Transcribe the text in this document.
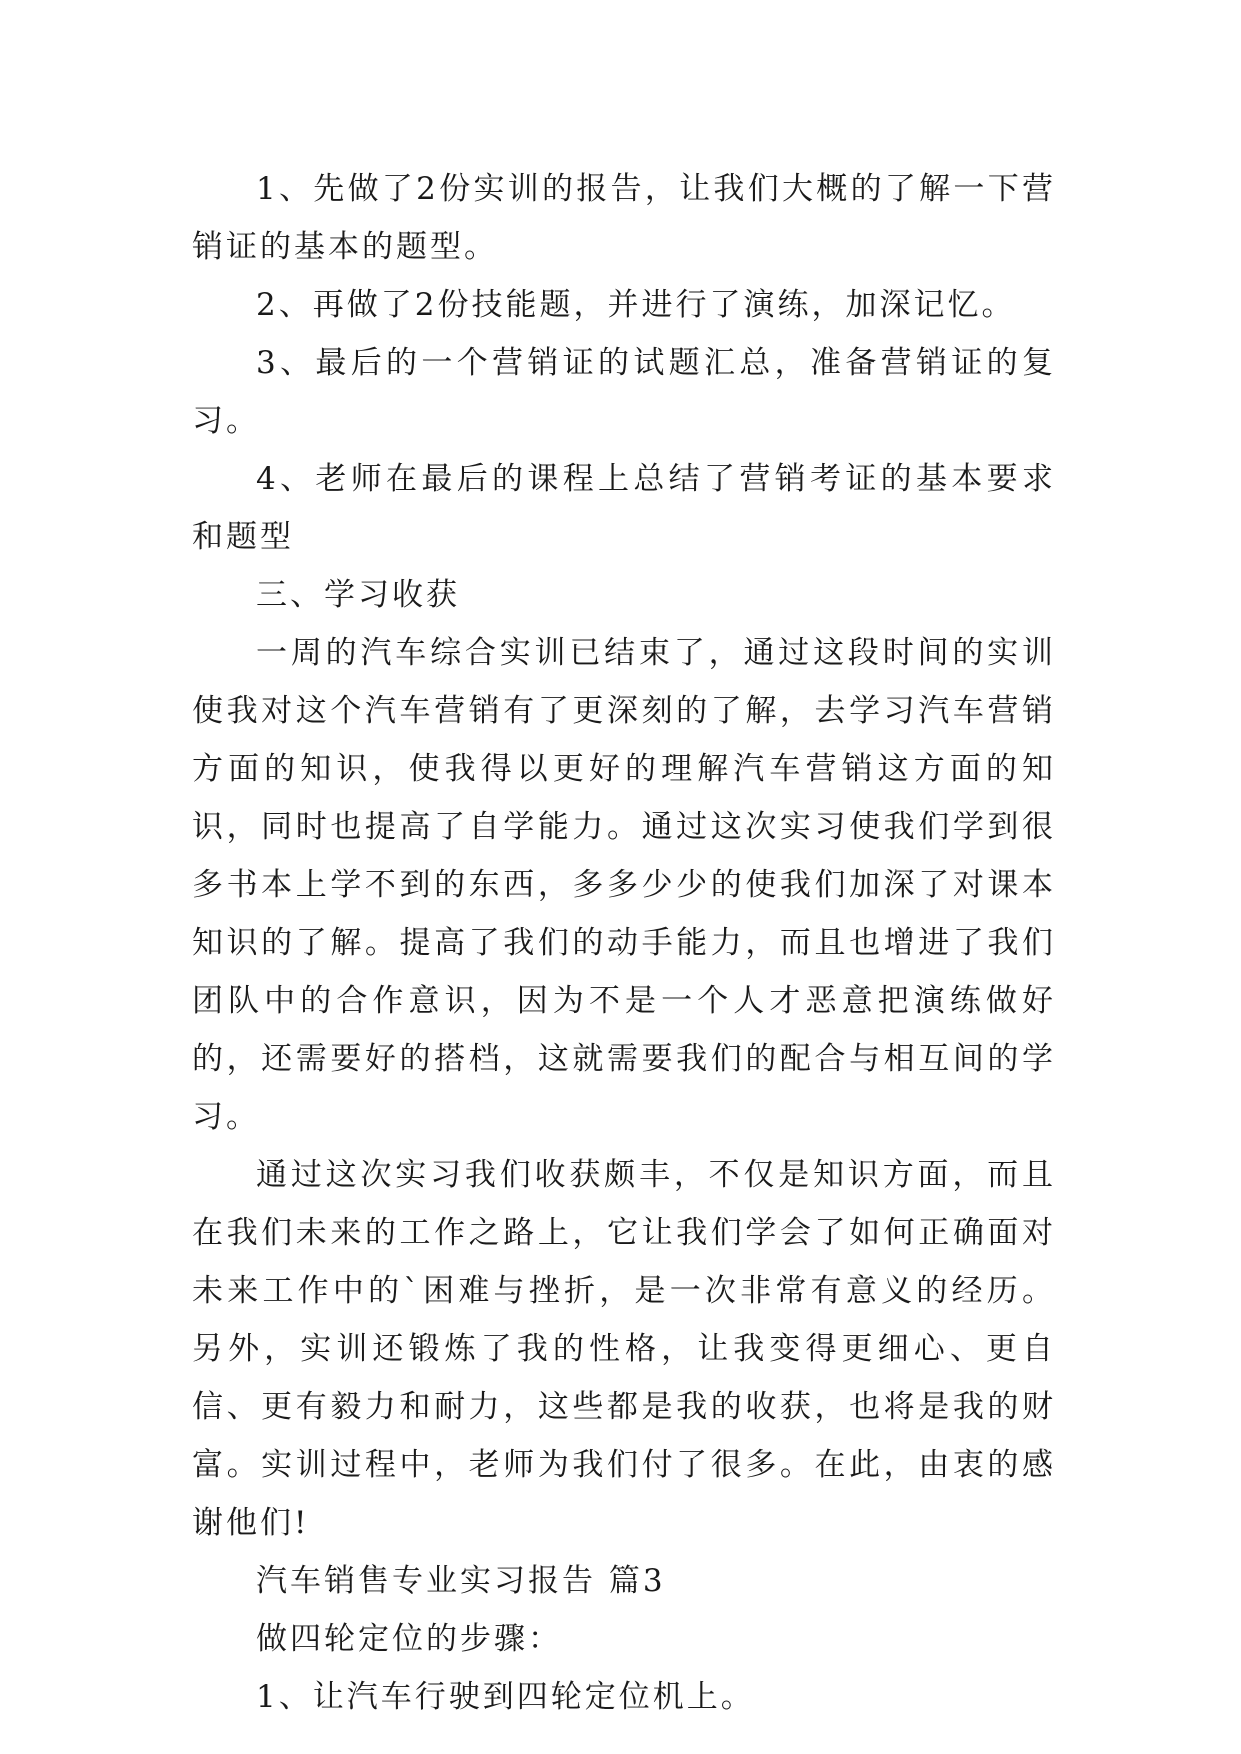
1、先做了2份实训的报告，让我们大概的了解一下营销证的基本的题型。

2、再做了2份技能题，并进行了演练，加深记忆。

3、最后的一个营销证的试题汇总，准备营销证的复习。

4、老师在最后的课程上总结了营销考证的基本要求和题型

三、学习收获

一周的汽车综合实训已结束了，通过这段时间的实训使我对这个汽车营销有了更深刻的了解，去学习汽车营销方面的知识，使我得以更好的理解汽车营销这方面的知识，同时也提高了自学能力。通过这次实习使我们学到很多书本上学不到的东西，多多少少的使我们加深了对课本知识的了解。提高了我们的动手能力，而且也增进了我们团队中的合作意识，因为不是一个人才恶意把演练做好的，还需要好的搭档，这就需要我们的配合与相互间的学习。

通过这次实习我们收获颇丰，不仅是知识方面，而且在我们未来的工作之路上，它让我们学会了如何正确面对未来工作中的`困难与挫折，是一次非常有意义的经历。另外，实训还锻炼了我的性格，让我变得更细心、更自信、更有毅力和耐力，这些都是我的收获，也将是我的财富。实训过程中，老师为我们付了很多。在此，由衷的感谢他们!

汽车销售专业实习报告 篇3

做四轮定位的步骤：

1、让汽车行驶到四轮定位机上。
